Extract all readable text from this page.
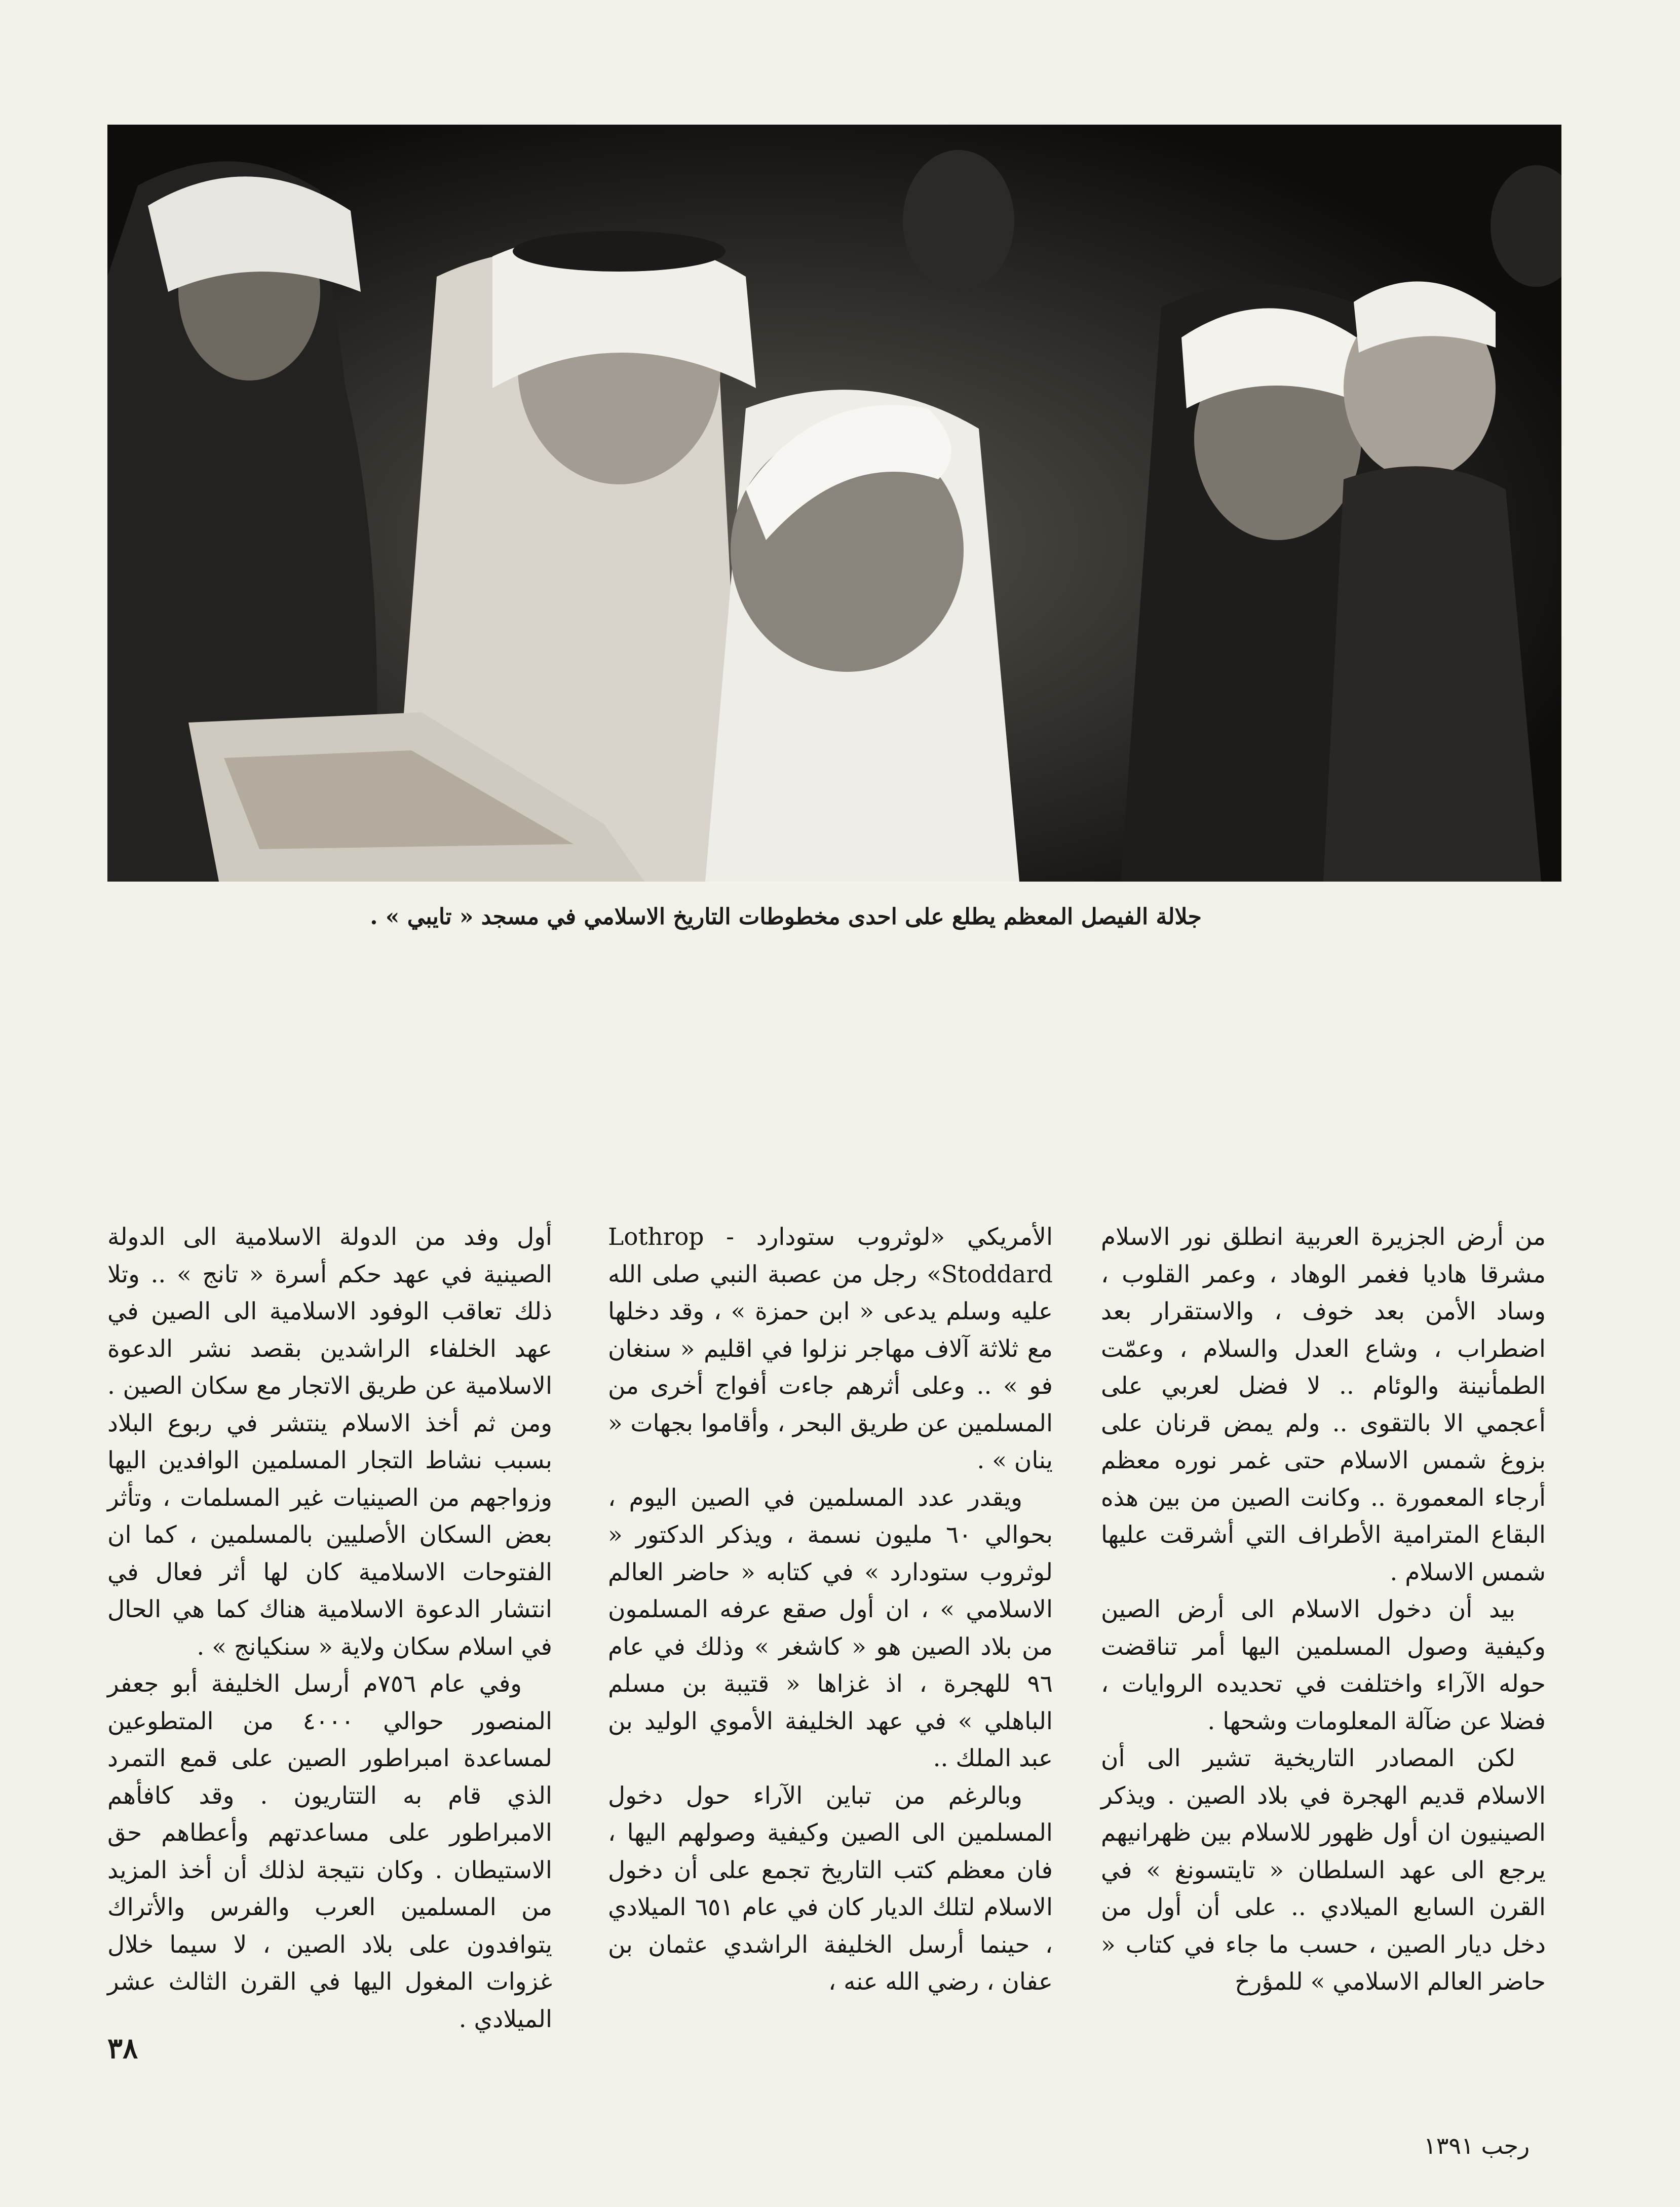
جلالة الفيصل المعظم يطلع على احدى مخطوطات التاريخ الاسلامي في مسجد « تايبي » .

من أرض الجزيرة العربية انطلق نور الاسلام مشرقا هاديا فغمر الوهاد ، وعمر القلوب ، وساد الأمن بعد خوف ، والاستقرار بعد اضطراب ، وشاع العدل والسلام ، وعمّت الطمأنينة والوئام .. لا فضل لعربي على أعجمي الا بالتقوى .. ولم يمض قرنان على بزوغ شمس الاسلام حتى غمر نوره معظم أرجاء المعمورة .. وكانت الصين من بين هذه البقاع المترامية الأطراف التي أشرقت عليها شمس الاسلام .

بيد أن دخول الاسلام الى أرض الصين وكيفية وصول المسلمين اليها أمر تناقضت حوله الآراء واختلفت في تحديده الروايات ، فضلا عن ضآلة المعلومات وشحها .

لكن المصادر التاريخية تشير الى أن الاسلام قديم الهجرة في بلاد الصين . ويذكر الصينيون ان أول ظهور للاسلام بين ظهرانيهم يرجع الى عهد السلطان « تايتسونغ » في القرن السابع الميلادي .. على أن أول من دخل ديار الصين ، حسب ما جاء في كتاب « حاضر العالم الاسلامي » للمؤرخ

الأمريكي «لوثروب ستودارد - Lothrop Stoddard» رجل من عصبة النبي صلى الله عليه وسلم يدعى « ابن حمزة » ، وقد دخلها مع ثلاثة آلاف مهاجر نزلوا في اقليم « سنغان فو » .. وعلى أثرهم جاءت أفواج أخرى من المسلمين عن طريق البحر ، وأقاموا بجهات « ينان » .

ويقدر عدد المسلمين في الصين اليوم ، بحوالي ٦٠ مليون نسمة ، ويذكر الدكتور « لوثروب ستودارد » في كتابه « حاضر العالم الاسلامي » ، ان أول صقع عرفه المسلمون من بلاد الصين هو « كاشغر » وذلك في عام ٩٦ للهجرة ، اذ غزاها « قتيبة بن مسلم الباهلي » في عهد الخليفة الأموي الوليد بن عبد الملك ..

وبالرغم من تباين الآراء حول دخول المسلمين الى الصين وكيفية وصولهم اليها ، فان معظم كتب التاريخ تجمع على أن دخول الاسلام لتلك الديار كان في عام ٦٥١ الميلادي ، حينما أرسل الخليفة الراشدي عثمان بن عفان ، رضي الله عنه ،

أول وفد من الدولة الاسلامية الى الدولة الصينية في عهد حكم أسرة « تانج » .. وتلا ذلك تعاقب الوفود الاسلامية الى الصين في عهد الخلفاء الراشدين بقصد نشر الدعوة الاسلامية عن طريق الاتجار مع سكان الصين . ومن ثم أخذ الاسلام ينتشر في ربوع البلاد بسبب نشاط التجار المسلمين الوافدين اليها وزواجهم من الصينيات غير المسلمات ، وتأثر بعض السكان الأصليين بالمسلمين ، كما ان الفتوحات الاسلامية كان لها أثر فعال في انتشار الدعوة الاسلامية هناك كما هي الحال في اسلام سكان ولاية « سنكيانج » .

وفي عام ٧٥٦م أرسل الخليفة أبو جعفر المنصور حوالي ٤٠٠٠ من المتطوعين لمساعدة امبراطور الصين على قمع التمرد الذي قام به التتاريون . وقد كافأهم الامبراطور على مساعدتهم وأعطاهم حق الاستيطان . وكان نتيجة لذلك أن أخذ المزيد من المسلمين العرب والفرس والأتراك يتوافدون على بلاد الصين ، لا سيما خلال غزوات المغول اليها في القرن الثالث عشر الميلادي .

٣٨
رجب ١٣٩١
